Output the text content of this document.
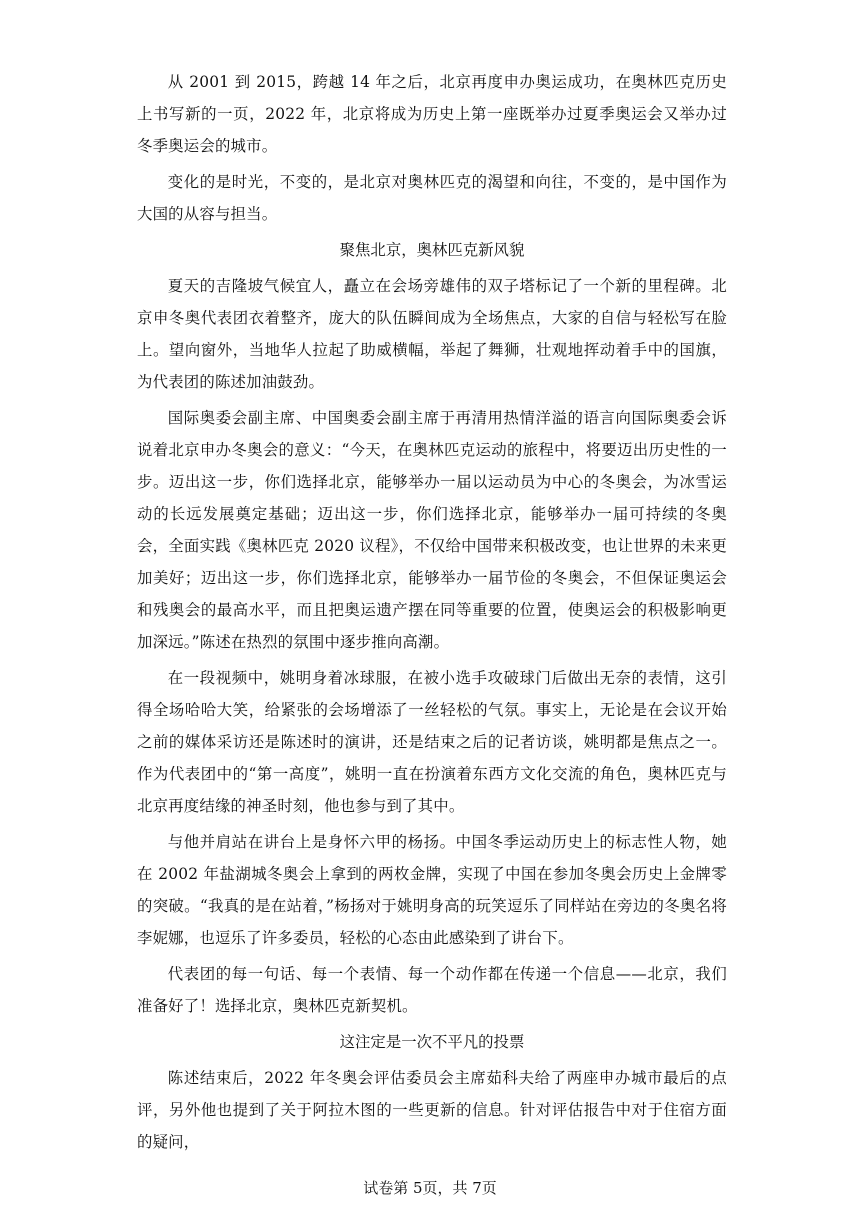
从 2001 到 2015，跨越 14 年之后，北京再度申办奥运成功，在奥林匹克历史上书写新的一页，2022 年，北京将成为历史上第一座既举办过夏季奥运会又举办过冬季奥运会的城市。

变化的是时光，不变的，是北京对奥林匹克的渴望和向往，不变的，是中国作为大国的从容与担当。

聚焦北京，奥林匹克新风貌

夏天的吉隆坡气候宜人，矗立在会场旁雄伟的双子塔标记了一个新的里程碑。北京申冬奥代表团衣着整齐，庞大的队伍瞬间成为全场焦点，大家的自信与轻松写在脸上。望向窗外，当地华人拉起了助威横幅，举起了舞狮，壮观地挥动着手中的国旗，为代表团的陈述加油鼓劲。

国际奥委会副主席、中国奥委会副主席于再清用热情洋溢的语言向国际奥委会诉说着北京申办冬奥会的意义：“今天，在奥林匹克运动的旅程中，将要迈出历史性的一步。迈出这一步，你们选择北京，能够举办一届以运动员为中心的冬奥会，为冰雪运动的长远发展奠定基础；迈出这一步，你们选择北京，能够举办一届可持续的冬奥会，全面实践《奥林匹克 2020 议程》，不仅给中国带来积极改变，也让世界的未来更加美好；迈出这一步，你们选择北京，能够举办一届节俭的冬奥会，不但保证奥运会和残奥会的最高水平，而且把奥运遗产摆在同等重要的位置，使奥运会的积极影响更加深远。”陈述在热烈的氛围中逐步推向高潮。

在一段视频中，姚明身着冰球服，在被小选手攻破球门后做出无奈的表情，这引得全场哈哈大笑，给紧张的会场增添了一丝轻松的气氛。事实上，无论是在会议开始之前的媒体采访还是陈述时的演讲，还是结束之后的记者访谈，姚明都是焦点之一。作为代表团中的“第一高度”，姚明一直在扮演着东西方文化交流的角色，奥林匹克与北京再度结缘的神圣时刻，他也参与到了其中。

与他并肩站在讲台上是身怀六甲的杨扬。中国冬季运动历史上的标志性人物，她在 2002 年盐湖城冬奥会上拿到的两枚金牌，实现了中国在参加冬奥会历史上金牌零的突破。“我真的是在站着，”杨扬对于姚明身高的玩笑逗乐了同样站在旁边的冬奥名将李妮娜，也逗乐了许多委员，轻松的心态由此感染到了讲台下。

代表团的每一句话、每一个表情、每一个动作都在传递一个信息——北京，我们准备好了！选择北京，奥林匹克新契机。

这注定是一次不平凡的投票

陈述结束后，2022 年冬奥会评估委员会主席茹科夫给了两座申办城市最后的点评，另外他也提到了关于阿拉木图的一些更新的信息。针对评估报告中对于住宿方面的疑问，

试卷第 5页，共 7页
